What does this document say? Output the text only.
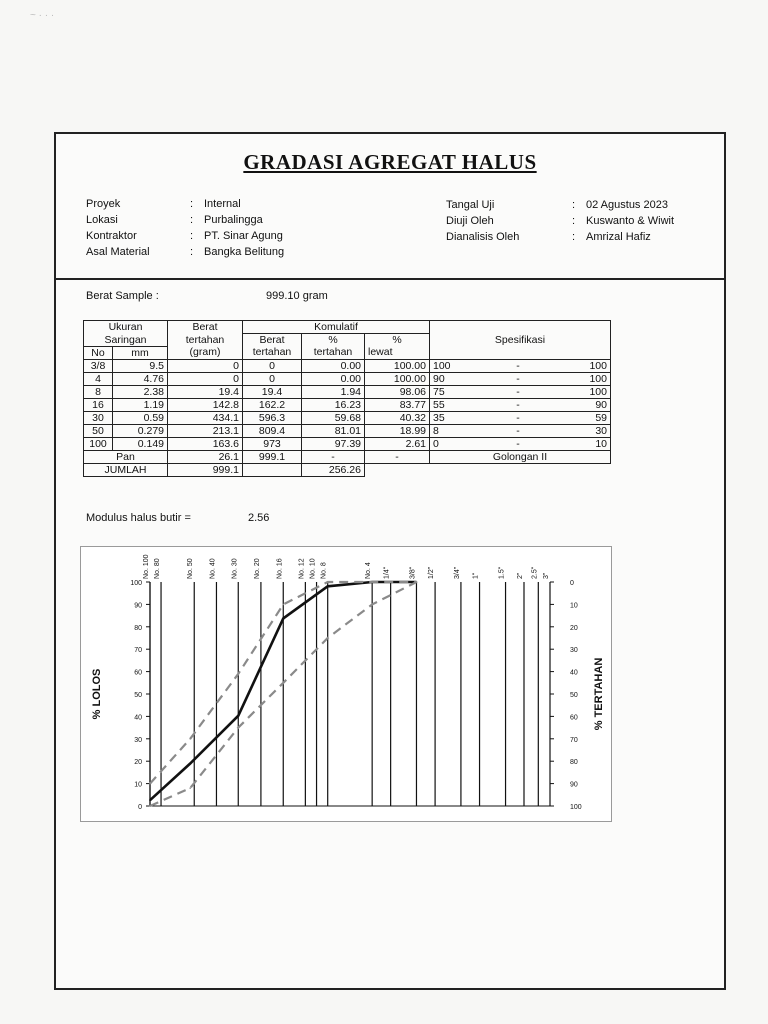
~ · · ·
GRADASI AGREGAT HALUS
Proyek	: Internal
Lokasi	: Purbalingga
Kontraktor	: PT. Sinar Agung
Asal Material	: Bangka Belitung
Tangal Uji	: 02 Agustus 2023
Diuji Oleh	: Kuswanto & Wiwit
Dianalisis Oleh	: Amrizal Hafiz
Berat Sample :	999.10 gram
Ukuran		Berat	Komulatif			Spesifikasi		
Saringan		tertahan	Berat	%	%			
No	mm	(gram)	tertahan	tertahan	lewat			
3/8	9.5	0	0	0.00	100.00	100	-	100
4	4.76	0	0	0.00	100.00	90	-	100
8	2.38	19.4	19.4	1.94	98.06	75	-	100
16	1.19	142.8	162.2	16.23	83.77	55	-	90
30	0.59	434.1	596.3	59.68	40.32	35	-	59
50	0.279	213.1	809.4	81.01	18.99	8	-	30
100	0.149	163.6	973	97.39	2.61	0	-	10
Pan		26.1	999.1	-	-	Golongan II		
JUMLAH		999.1		256.26				
Modulus halus butir =	2.56
No. 100 No. 80	No. 50 No. 40 No. 30 No. 20 No. 16 No. 12 No. 10 No. 8	No. 4 1/4"	3/8" 1/2"	3/4" 1"	1.5" 2" 2.5" 3"
0
10
20
30
40
50
60
70
80
90
100
100
90
80
70
60
50
40
30
20
10
0
% LOLOS	% TERTAHAN
